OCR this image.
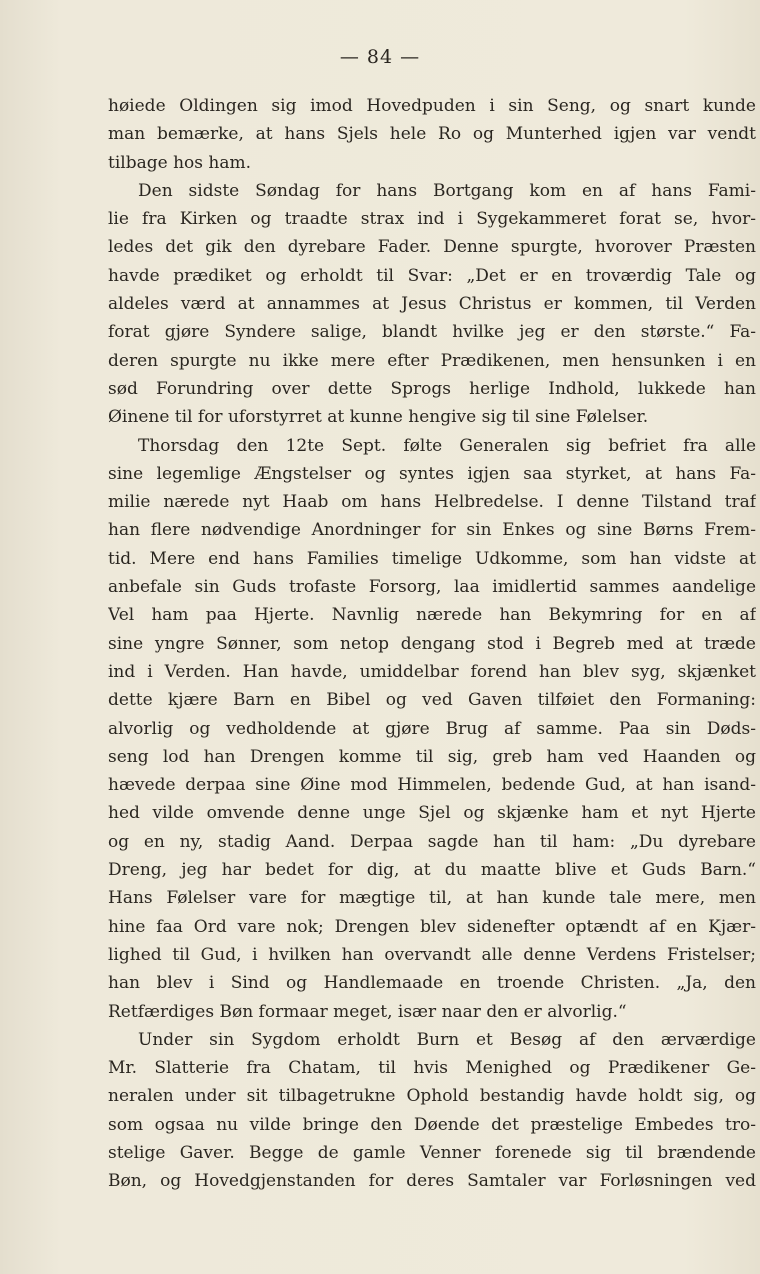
— 84 —
høiede Oldingen sig imod Hovedpuden i sin Seng, og snart kunde
man bemærke, at hans Sjels hele Ro og Munterhed igjen var vendt
tilbage hos ham.
Den sidste Søndag for hans Bortgang kom en af hans Fami-
lie fra Kirken og traadte strax ind i Sygekammeret forat se, hvor-
ledes det gik den dyrebare Fader. Denne spurgte, hvorover Præsten
havde prædiket og erholdt til Svar: „Det er en troværdig Tale og
aldeles værd at annammes at Jesus Christus er kommen, til Verden
forat gjøre Syndere salige, blandt hvilke jeg er den største.“ Fa-
deren spurgte nu ikke mere efter Prædikenen, men hensunken i en
sød Forundring over dette Sprogs herlige Indhold, lukkede han
Øinene til for uforstyrret at kunne hengive sig til sine Følelser.
Thorsdag den 12te Sept. følte Generalen sig befriet fra alle
sine legemlige Ængstelser og syntes igjen saa styrket, at hans Fa-
milie nærede nyt Haab om hans Helbredelse. I denne Tilstand traf
han flere nødvendige Anordninger for sin Enkes og sine Børns Frem-
tid. Mere end hans Families timelige Udkomme, som han vidste at
anbefale sin Guds trofaste Forsorg, laa imidlertid sammes aandelige
Vel ham paa Hjerte. Navnlig nærede han Bekymring for en af
sine yngre Sønner, som netop dengang stod i Begreb med at træde
ind i Verden. Han havde, umiddelbar forend han blev syg, skjænket
dette kjære Barn en Bibel og ved Gaven tilføiet den Formaning:
alvorlig og vedholdende at gjøre Brug af samme. Paa sin Døds-
seng lod han Drengen komme til sig, greb ham ved Haanden og
hævede derpaa sine Øine mod Himmelen, bedende Gud, at han isand-
hed vilde omvende denne unge Sjel og skjænke ham et nyt Hjerte
og en ny, stadig Aand. Derpaa sagde han til ham: „Du dyrebare
Dreng, jeg har bedet for dig, at du maatte blive et Guds Barn.“
Hans Følelser vare for mægtige til, at han kunde tale mere, men
hine faa Ord vare nok; Drengen blev sidenefter optændt af en Kjær-
lighed til Gud, i hvilken han overvandt alle denne Verdens Fristelser;
han blev i Sind og Handlemaade en troende Christen. „Ja, den
Retfærdiges Bøn formaar meget, især naar den er alvorlig.“
Under sin Sygdom erholdt Burn et Besøg af den ærværdige
Mr. Slatterie fra Chatam, til hvis Menighed og Prædikener Ge-
neralen under sit tilbagetrukne Ophold bestandig havde holdt sig, og
som ogsaa nu vilde bringe den Døende det præstelige Embedes tro-
stelige Gaver. Begge de gamle Venner forenede sig til brændende
Bøn, og Hovedgjenstanden for deres Samtaler var Forløsningen ved
